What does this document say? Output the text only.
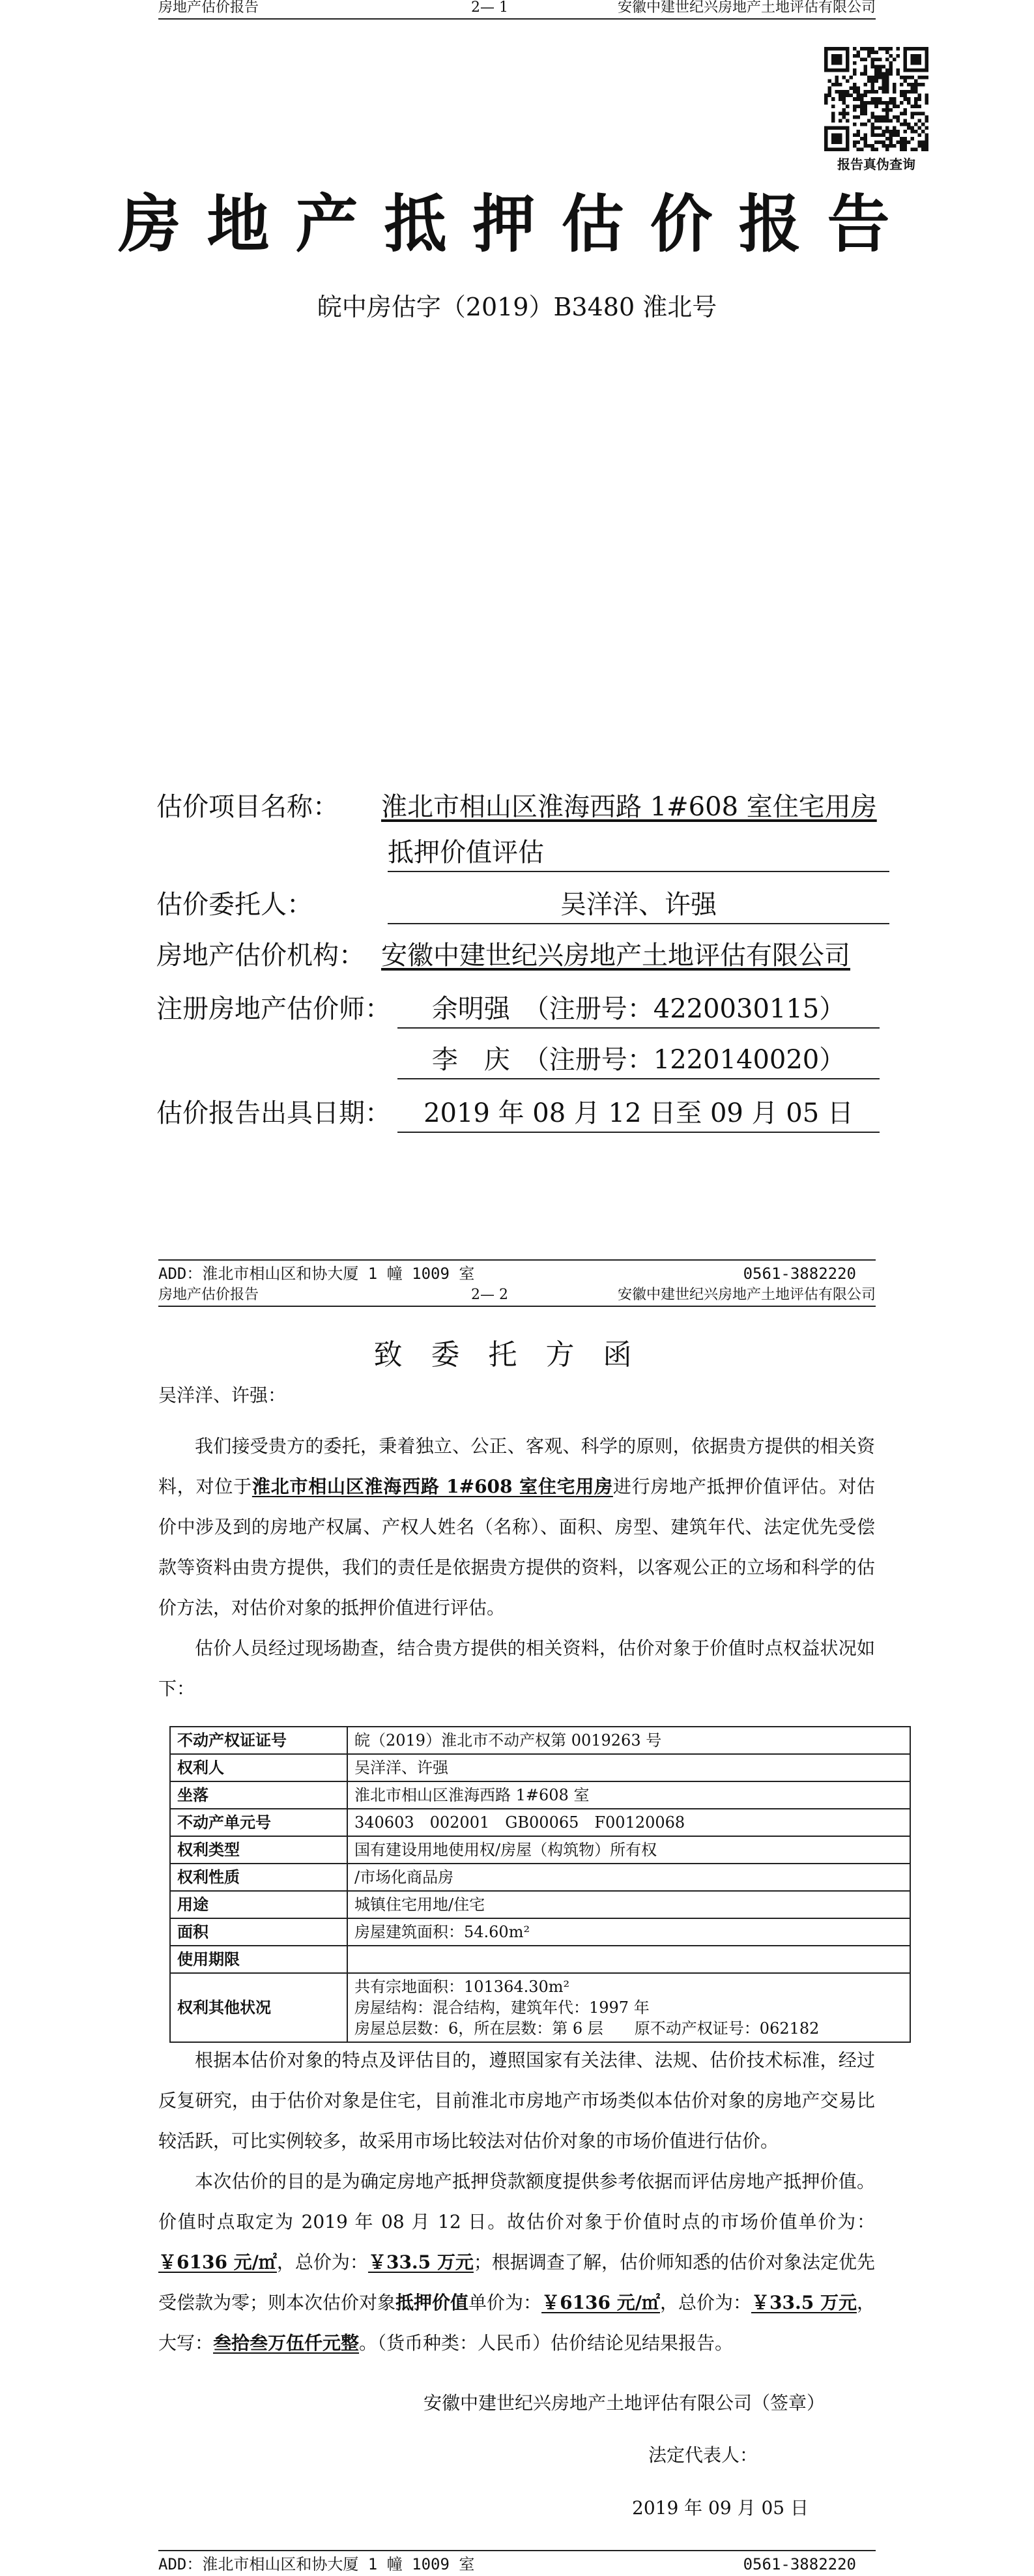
房地产估价报告	2— 1	安徽中建世纪兴房地产土地评估有限公司
报告真伪查询
房地产抵押估价报告
皖中房估字（2019）B3480 淮北号
估价项目名称： 淮北市相山区淮海西路 1#608 室住宅用房
抵押价值评估
估价委托人：	吴洋洋、许强
房地产估价机构： 安徽中建世纪兴房地产土地评估有限公司
注册房地产估价师：	余明强　（注册号：4220030115）
李　庆　（注册号：1220140020）
估价报告出具日期：	2019 年 08 月 12 日至 09 月 05 日
ADD：淮北市相山区和协大厦 1 幢 1009 室	0561-3882220
房地产估价报告	2— 2	安徽中建世纪兴房地产土地评估有限公司
致委托方函
吴洋洋、许强：

我们接受贵方的委托，秉着独立、公正、客观、科学的原则，依据贵方提供的相关资料，对位于淮北市相山区淮海西路 1#608 室住宅用房进行房地产抵押价值评估。对估价中涉及到的房地产权属、产权人姓名（名称）、面积、房型、建筑年代、法定优先受偿款等资料由贵方提供，我们的责任是依据贵方提供的资料，以客观公正的立场和科学的估价方法，对估价对象的抵押价值进行评估。

估价人员经过现场勘查，结合贵方提供的相关资料，估价对象于价值时点权益状况如下：

不动产权证证号	皖（2019）淮北市不动产权第 0019263 号
权利人	吴洋洋、许强
坐落	淮北市相山区淮海西路 1#608 室
不动产单元号	340603　002001　GB00065　F00120068
权利类型	国有建设用地使用权/房屋（构筑物）所有权
权利性质	/市场化商品房
用途	城镇住宅用地/住宅
面积	房屋建筑面积：54.60m²
使用期限	
权利其他状况	共有宗地面积：101364.30m²
房屋结构：混合结构，建筑年代：1997 年
房屋总层数：6，所在层数：第 6 层　　原不动产权证号：062182

根据本估价对象的特点及评估目的，遵照国家有关法律、法规、估价技术标准，经过反复研究，由于估价对象是住宅，目前淮北市房地产市场类似本估价对象的房地产交易比较活跃，可比实例较多，故采用市场比较法对估价对象的市场价值进行估价。

本次估价的目的是为确定房地产抵押贷款额度提供参考依据而评估房地产抵押价值。价值时点取定为 2019 年 08 月 12 日。故估价对象于价值时点的市场价值单价为：￥6136 元/㎡，总价为：￥33.5 万元；根据调查了解，估价师知悉的估价对象法定优先受偿款为零；则本次估价对象抵押价值单价为：￥6136 元/㎡，总价为：￥33.5 万元，大写：叁拾叁万伍仟元整。（货币种类：人民币）估价结论见结果报告。

安徽中建世纪兴房地产土地评估有限公司（签章）
法定代表人：
2019 年 09 月 05 日
ADD：淮北市相山区和协大厦 1 幢 1009 室	0561-3882220
